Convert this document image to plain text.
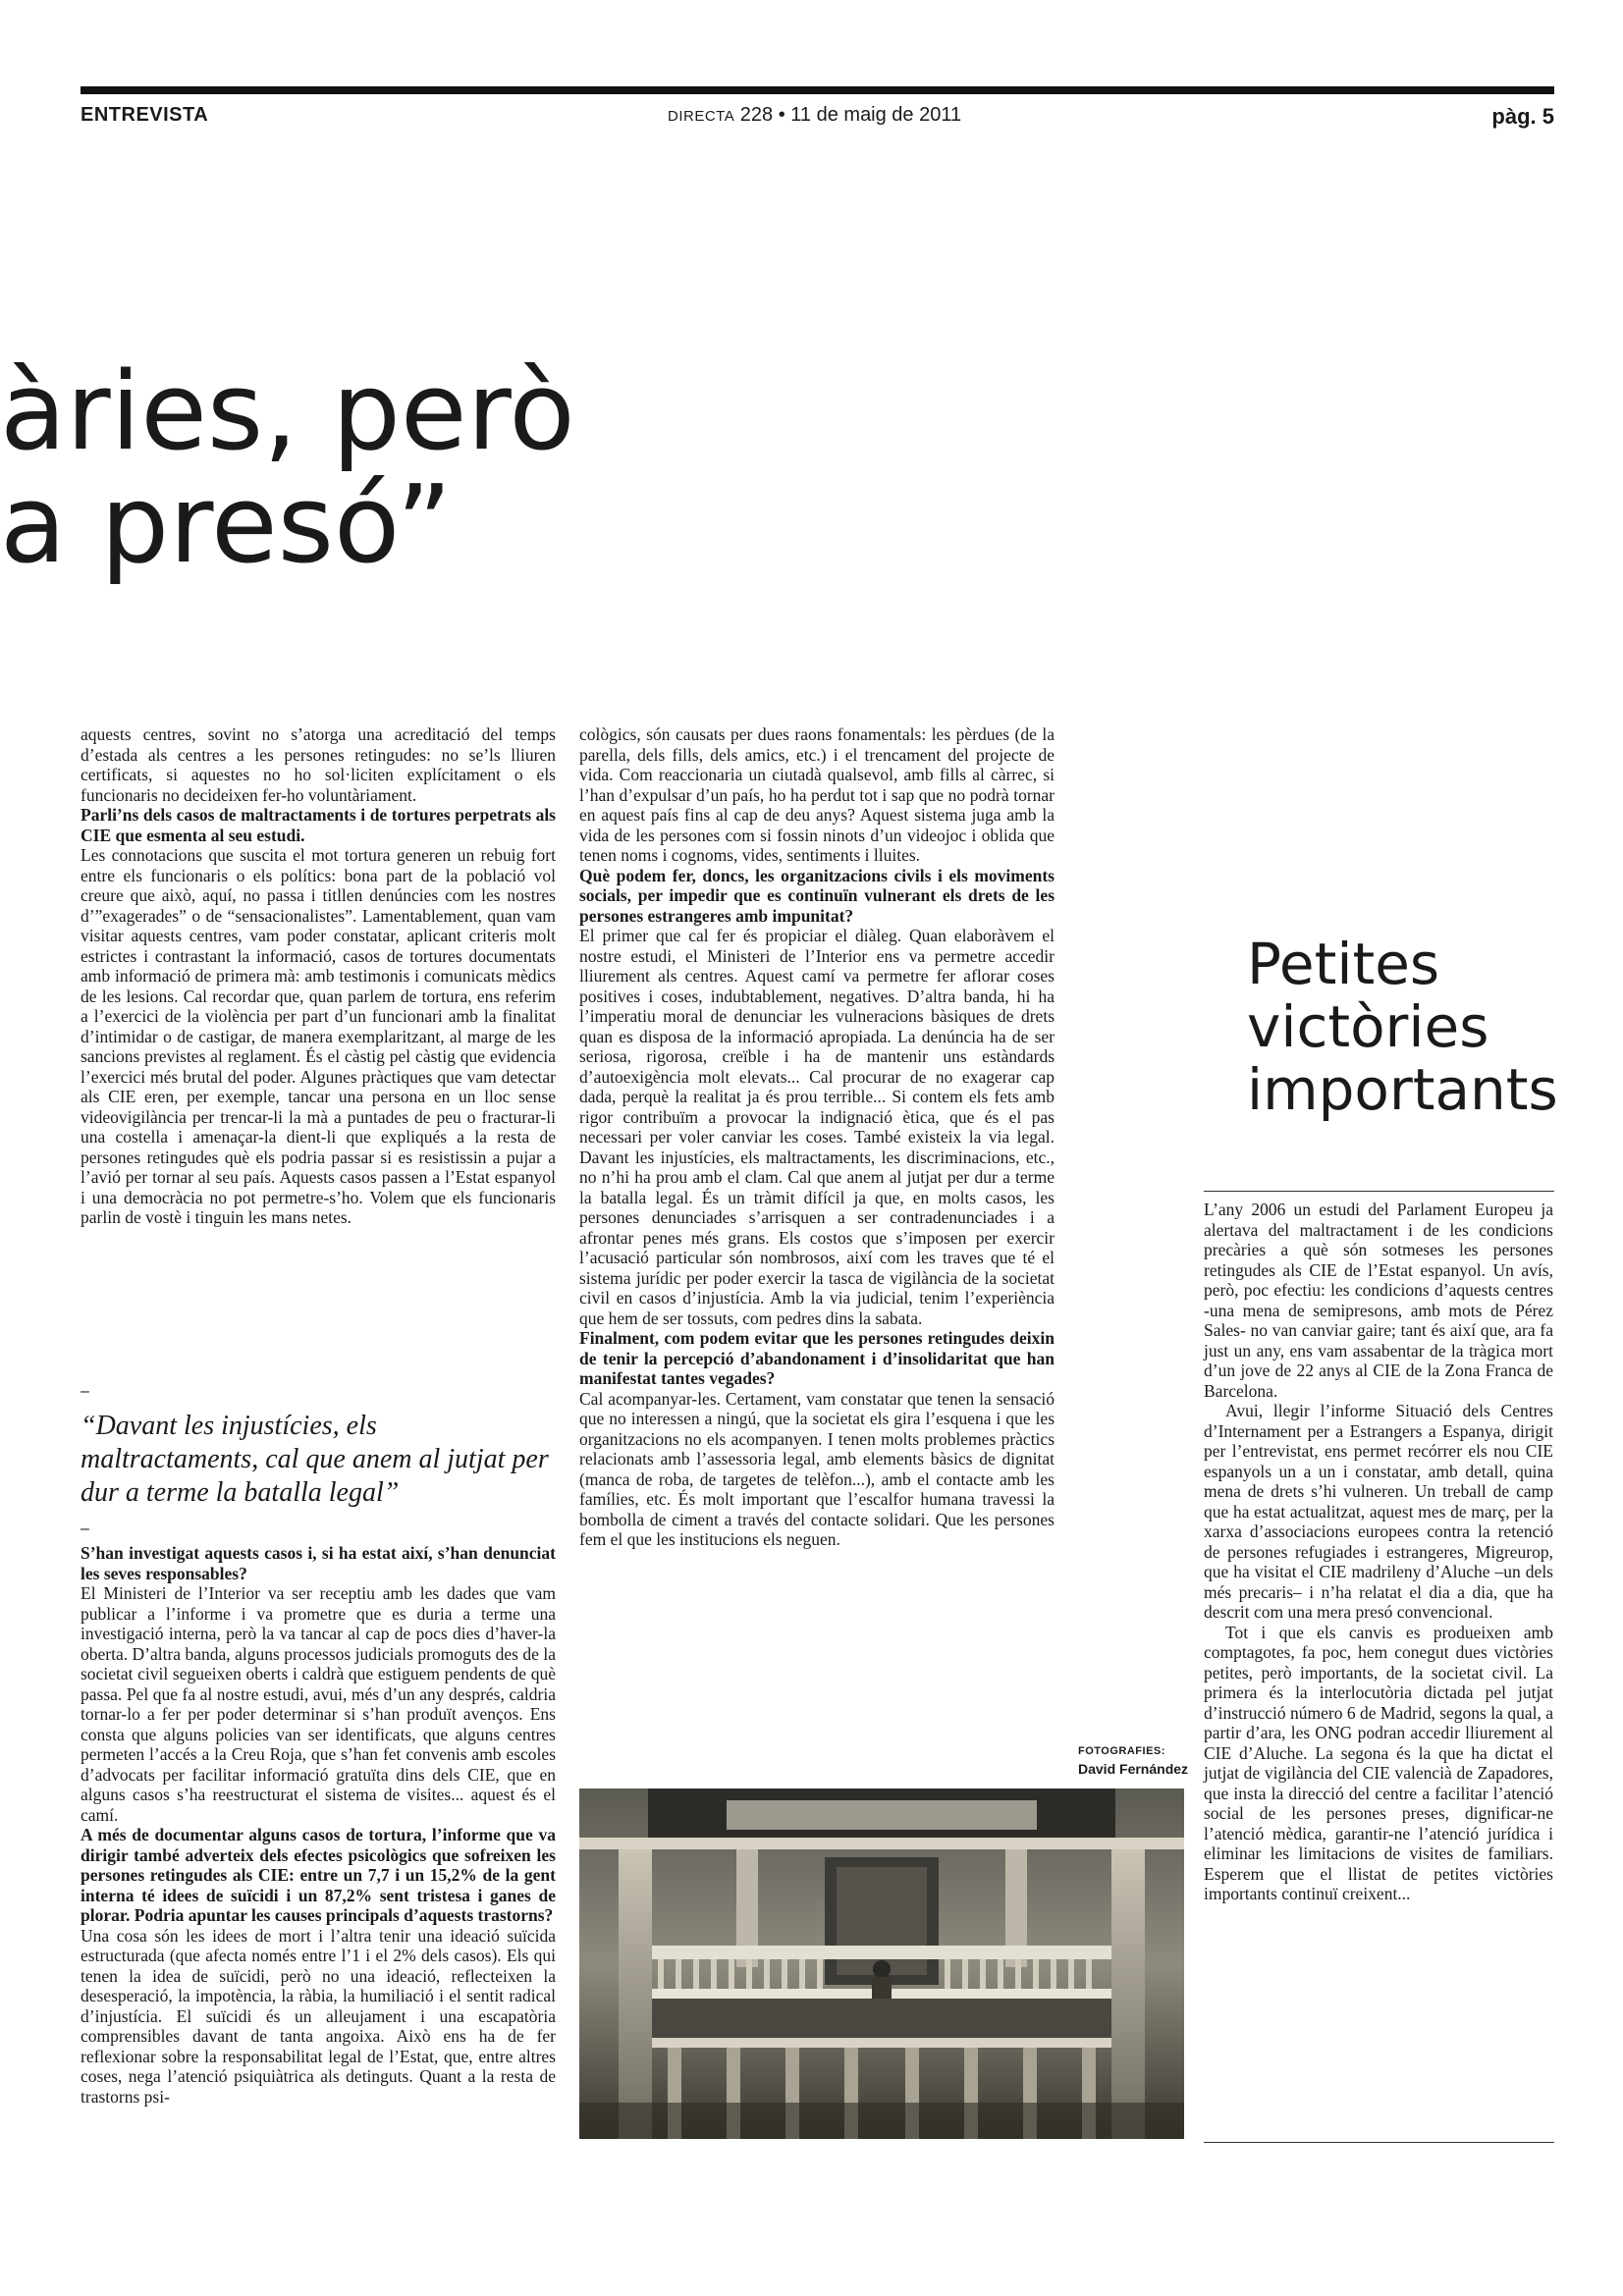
ENTREVISTA	DIRECTA 228 • 11 de maig de 2011	pàg. 5
àries, però
a presó”

aquests centres, sovint no s’atorga una acreditació del temps d’estada als centres a les persones retingudes: no se’ls lliuren certificats, si aquestes no ho sol·liciten explícitament o els funcionaris no decideixen fer-ho voluntàriament.

Parli’ns dels casos de maltractaments i de tortures perpetrats als CIE que esmenta al seu estudi.

Les connotacions que suscita el mot tortura generen un rebuig fort entre els funcionaris o els polítics: bona part de la població vol creure que això, aquí, no passa i titllen denúncies com les nostres d’”exagerades” o de “sensacionalistes”. Lamentablement, quan vam visitar aquests centres, vam poder constatar, aplicant criteris molt estrictes i contrastant la informació, casos de tortures documentats amb informació de primera mà: amb testimonis i comunicats mèdics de les lesions. Cal recordar que, quan parlem de tortura, ens referim a l’exercici de la violència per part d’un funcionari amb la finalitat d’intimidar o de castigar, de manera exemplaritzant, al marge de les sancions previstes al reglament. És el càstig pel càstig que evidencia l’exercici més brutal del poder. Algunes pràctiques que vam detectar als CIE eren, per exemple, tancar una persona en un lloc sense videovigilància per trencar-li la mà a puntades de peu o fracturar-li una costella i amenaçar-la dient-li que expliqués a la resta de persones retingudes què els podria passar si es resistissin a pujar a l’avió per tornar al seu país. Aquests casos passen a l’Estat espanyol i una democràcia no pot permetre-s’ho. Volem que els funcionaris parlin de vostè i tinguin les mans netes.

–
“Davant les injustícies, els maltractaments, cal que anem al jutjat per dur a terme la batalla legal”
–

S’han investigat aquests casos i, si ha estat així, s’han denunciat les seves responsables?

El Ministeri de l’Interior va ser receptiu amb les dades que vam publicar a l’informe i va prometre que es duria a terme una investigació interna, però la va tancar al cap de pocs dies d’haver-la oberta. D’altra banda, alguns processos judicials promoguts des de la societat civil segueixen oberts i caldrà que estiguem pendents de què passa. Pel que fa al nostre estudi, avui, més d’un any després, caldria tornar-lo a fer per poder determinar si s’han produït avenços. Ens consta que alguns policies van ser identificats, que alguns centres permeten l’accés a la Creu Roja, que s’han fet convenis amb escoles d’advocats per facilitar informació gratuïta dins dels CIE, que en alguns casos s’ha reestructurat el sistema de visites... aquest és el camí.

A més de documentar alguns casos de tortura, l’informe que va dirigir també adverteix dels efectes psicològics que sofreixen les persones retingudes als CIE: entre un 7,7 i un 15,2% de la gent interna té idees de suïcidi i un 87,2% sent tristesa i ganes de plorar. Podria apuntar les causes principals d’aquests trastorns?

Una cosa són les idees de mort i l’altra tenir una ideació suïcida estructurada (que afecta només entre l’1 i el 2% dels casos). Els qui tenen la idea de suïcidi, però no una ideació, reflecteixen la desesperació, la impotència, la ràbia, la humiliació i el sentit radical d’injustícia. El suïcidi és un alleujament i una escapatòria comprensibles davant de tanta angoixa. Això ens ha de fer reflexionar sobre la responsabilitat legal de l’Estat, que, entre altres coses, nega l’atenció psiquiàtrica als detinguts. Quant a la resta de trastorns psi-

cològics, són causats per dues raons fonamentals: les pèrdues (de la parella, dels fills, dels amics, etc.) i el trencament del projecte de vida. Com reaccionaria un ciutadà qualsevol, amb fills al càrrec, si l’han d’expulsar d’un país, ho ha perdut tot i sap que no podrà tornar en aquest país fins al cap de deu anys? Aquest sistema juga amb la vida de les persones com si fossin ninots d’un videojoc i oblida que tenen noms i cognoms, vides, sentiments i lluites.

Què podem fer, doncs, les organitzacions civils i els moviments socials, per impedir que es continuïn vulnerant els drets de les persones estrangeres amb impunitat?

El primer que cal fer és propiciar el diàleg. Quan elaboràvem el nostre estudi, el Ministeri de l’Interior ens va permetre accedir lliurement als centres. Aquest camí va permetre fer aflorar coses positives i coses, indubtablement, negatives. D’altra banda, hi ha l’imperatiu moral de denunciar les vulneracions bàsiques de drets quan es disposa de la informació apropiada. La denúncia ha de ser seriosa, rigorosa, creïble i ha de mantenir uns estàndards d’autoexigència molt elevats... Cal procurar de no exagerar cap dada, perquè la realitat ja és prou terrible... Si contem els fets amb rigor contribuïm a provocar la indignació ètica, que és el pas necessari per voler canviar les coses. També existeix la via legal. Davant les injustícies, els maltractaments, les discriminacions, etc., no n’hi ha prou amb el clam. Cal que anem al jutjat per dur a terme la batalla legal. És un tràmit difícil ja que, en molts casos, les persones denunciades s’arrisquen a ser contradenunciades i a afrontar penes més grans. Els costos que s’imposen per exercir l’acusació particular són nombrosos, així com les traves que té el sistema jurídic per poder exercir la tasca de vigilància de la societat civil en casos d’injustícia. Amb la via judicial, tenim l’experiència que hem de ser tossuts, com pedres dins la sabata.

Finalment, com podem evitar que les persones retingudes deixin de tenir la percepció d’abandonament i d’insolidaritat que han manifestat tantes vegades?

Cal acompanyar-les. Certament, vam constatar que tenen la sensació que no interessen a ningú, que la societat els gira l’esquena i que les organitzacions no els acompanyen. I tenen molts problemes pràctics relacionats amb l’assessoria legal, amb elements bàsics de dignitat (manca de roba, de targetes de telèfon...), amb el contacte amb les famílies, etc. És molt important que l’escalfor humana travessi la bombolla de ciment a través del contacte solidari. Que les persones fem el que les institucions els neguen.

FOTOGRAFIES:
David Fernández
Petites
victòries
importants

L’any 2006 un estudi del Parlament Europeu ja alertava del maltractament i de les condicions precàries a què són sotmeses les persones retingudes als CIE de l’Estat espanyol. Un avís, però, poc efectiu: les condicions d’aquests centres -una mena de semipresons, amb mots de Pérez Sales- no van canviar gaire; tant és així que, ara fa just un any, ens vam assabentar de la tràgica mort d’un jove de 22 anys al CIE de la Zona Franca de Barcelona.

Avui, llegir l’informe Situació dels Centres d’Internament per a Estrangers a Espanya, dirigit per l’entrevistat, ens permet recórrer els nou CIE espanyols un a un i constatar, amb detall, quina mena de drets s’hi vulneren. Un treball de camp que ha estat actualitzat, aquest mes de març, per la xarxa d’associacions europees contra la retenció de persones refugiades i estrangeres, Migreurop, que ha visitat el CIE madrileny d’Aluche –un dels més precaris– i n’ha relatat el dia a dia, que ha descrit com una mera presó convencional.

Tot i que els canvis es produeixen amb comptagotes, fa poc, hem conegut dues victòries petites, però importants, de la societat civil. La primera és la interlocutòria dictada pel jutjat d’instrucció número 6 de Madrid, segons la qual, a partir d’ara, les ONG podran accedir lliurement al CIE d’Aluche. La segona és la que ha dictat el jutjat de vigilància del CIE valencià de Zapadores, que insta la direcció del centre a facilitar l’atenció social de les persones preses, dignificar-ne l’atenció mèdica, garantir-ne l’atenció jurídica i eliminar les limitacions de visites de familiars. Esperem que el llistat de petites victòries importants continuï creixent...
